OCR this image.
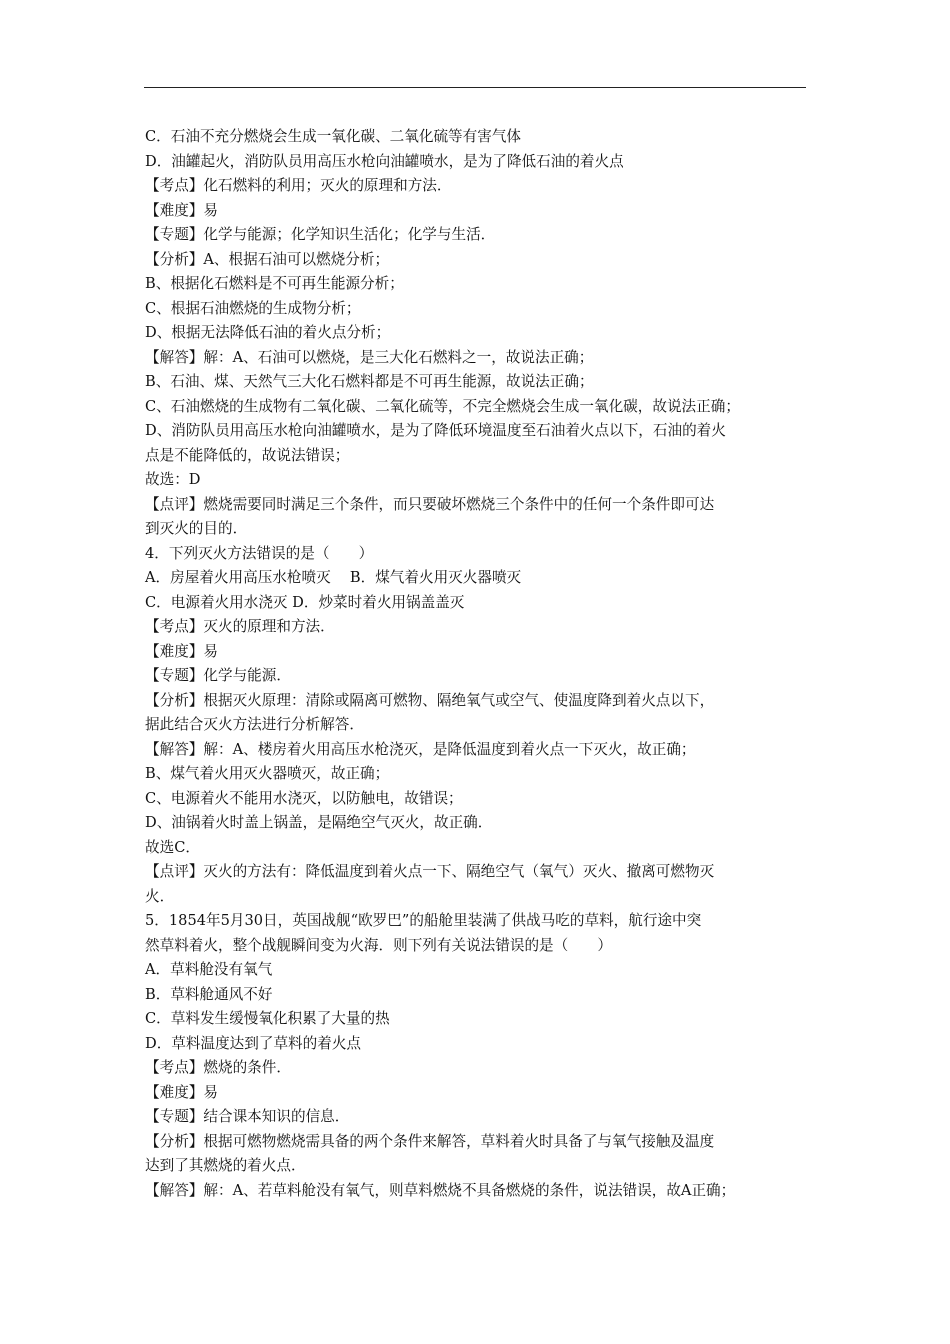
C．石油不充分燃烧会生成一氧化碳、二氧化硫等有害气体
D．油罐起火，消防队员用高压水枪向油罐喷水，是为了降低石油的着火点
【考点】化石燃料的利用；灭火的原理和方法．
【难度】易
【专题】化学与能源；化学知识生活化；化学与生活．
【分析】A、根据石油可以燃烧分析；
B、根据化石燃料是不可再生能源分析；
C、根据石油燃烧的生成物分析；
D、根据无法降低石油的着火点分析；
【解答】解：A、石油可以燃烧，是三大化石燃料之一，故说法正确；
B、石油、煤、天然气三大化石燃料都是不可再生能源，故说法正确；
C、石油燃烧的生成物有二氧化碳、二氧化硫等，不完全燃烧会生成一氧化碳，故说法正确；
D、消防队员用高压水枪向油罐喷水，是为了降低环境温度至石油着火点以下，石油的着火
点是不能降低的，故说法错误；
故选：D
【点评】燃烧需要同时满足三个条件，而只要破坏燃烧三个条件中的任何一个条件即可达
到灭火的目的．
4．下列灭火方法错误的是（　　）
A．房屋着火用高压水枪喷灭　 B．煤气着火用灭火器喷灭
C．电源着火用水浇灭 D．炒菜时着火用锅盖盖灭
【考点】灭火的原理和方法．
【难度】易
【专题】化学与能源．
【分析】根据灭火原理：清除或隔离可燃物、隔绝氧气或空气、使温度降到着火点以下，
据此结合灭火方法进行分析解答．
【解答】解：A、楼房着火用高压水枪浇灭，是降低温度到着火点一下灭火，故正确；
B、煤气着火用灭火器喷灭，故正确；
C、电源着火不能用水浇灭，以防触电，故错误；
D、油锅着火时盖上锅盖，是隔绝空气灭火，故正确．
故选C．
【点评】灭火的方法有：降低温度到着火点一下、隔绝空气（氧气）灭火、撤离可燃物灭
火．
5．1854年5月30日，英国战舰“欧罗巴”的船舱里装满了供战马吃的草料，航行途中突
然草料着火，整个战舰瞬间变为火海．则下列有关说法错误的是（　　）
A．草料舱没有氧气
B．草料舱通风不好
C．草料发生缓慢氧化积累了大量的热
D．草料温度达到了草料的着火点
【考点】燃烧的条件．
【难度】易
【专题】结合课本知识的信息．
【分析】根据可燃物燃烧需具备的两个条件来解答，草料着火时具备了与氧气接触及温度
达到了其燃烧的着火点．
【解答】解：A、若草料舱没有氧气，则草料燃烧不具备燃烧的条件，说法错误，故A正确；
